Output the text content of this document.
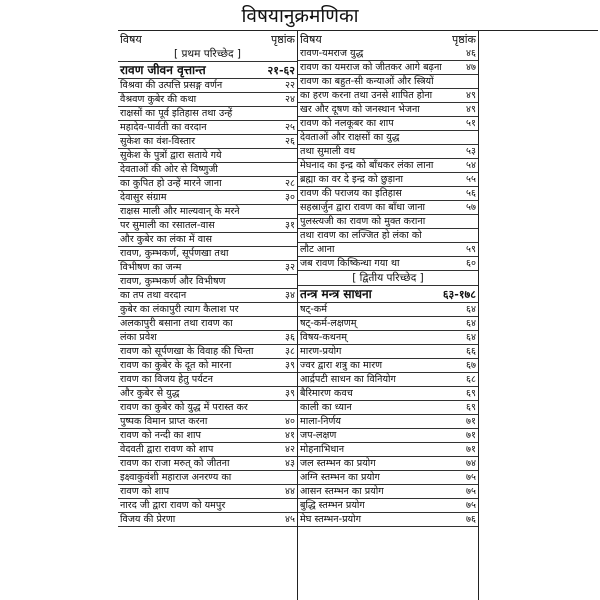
विषयानुक्रमणिका
विषय	पृष्ठांक
[ प्रथम परिच्छेद ]
रावण जीवन वृत्तान्त	२१-६२
विश्रवा की उत्पत्ति प्रसङ्ग वर्णन	२२
वैश्रवण कुबेर की कथा	२४
राक्षसों का पूर्व इतिहास तथा उन्हें
महादेव-पार्वती का वरदान	२५
सुकेश का वंश-विस्तार	२६
सुकेश के पुत्रों द्वारा सताये गये
देवताओं की ओर से विष्णुजी
का कुपित हो उन्हें मारने जाना	२८
देवासुर संग्राम	३०
राक्षस माली और माल्यवान् के मरने
पर सुमाली का रसातल-वास	३१
और कुबेर का लंका में वास
रावण, कुम्भकर्ण, सूर्पणखा तथा
विभीषण का जन्म	३२
रावण, कुम्भकर्ण और विभीषण
का तप तथा वरदान	३४
कुबेर का लंकापुरी त्याग कैलाश पर
अलकापुरी बसाना तथा रावण का
लंका प्रवेश	३६
रावण को सूर्पणखा के विवाह की चिन्ता	३८
रावण का कुबेर के दूत को मारना	३९
रावण का विजय हेतु पर्यटन
और कुबेर से युद्ध	३९
रावण का कुबेर को युद्ध में परास्त कर
पुष्पक विमान प्राप्त करना	४०
रावण को नन्दी का शाप	४१
वेदवती द्वारा रावण को शाप	४२
रावण का राजा मरुत् को जीतना	४३
इक्ष्वाकुवंशी महाराज अनरण्य का
रावण को शाप	४४
नारद जी द्वारा रावण को यमपुर
विजय की प्रेरणा	४५
विषय	पृष्ठांक
रावण-यमराज युद्ध	४६
रावण का यमराज को जीतकर आगे बढ़ना	४७
रावण का बहुत-सी कन्याओं और स्त्रियों
का हरण करना तथा उनसे शापित होना	४९
खर और दूषण को जनस्थान भेजना	४९
रावण को नलकूबर का शाप	५१
देवताओं और राक्षसों का युद्ध
तथा सुमाली वध	५३
मेघनाद का इन्द्र को बाँधकर लंका लाना	५४
ब्रह्मा का वर दे इन्द्र को छुड़ाना	५५
रावण की पराजय का इतिहास	५६
सहस्रार्जुन द्वारा रावण का बाँधा जाना	५७
पुलस्त्यजी का रावण को मुक्त कराना
तथा रावण का लज्जित हो लंका को
लौट आना	५९
जब रावण किष्किन्धा गया था	६०
[ द्वितीय परिच्छेद ]
तन्त्र मन्त्र साधना	६३-१७८
षट्-कर्म	६४
षट्-कर्म-लक्षणम्	६४
विषय-कथनम्	६४
मारण-प्रयोग	६६
ज्वर द्वारा शत्रु का मारण	६७
आर्द्रपटी साधन का विनियोग	६८
बैरिमारण कवच	६९
काली का ध्यान	६९
माला-निर्णय	७१
जप-लक्षण	७१
मोहनाभिधान	७१
जल स्तम्भन का प्रयोग	७४
अग्नि स्तम्भन का प्रयोग	७५
आसन स्तम्भन का प्रयोग	७५
बुद्धि स्तम्भन प्रयोग	७५
मेघ स्तम्भन-प्रयोग	७६
